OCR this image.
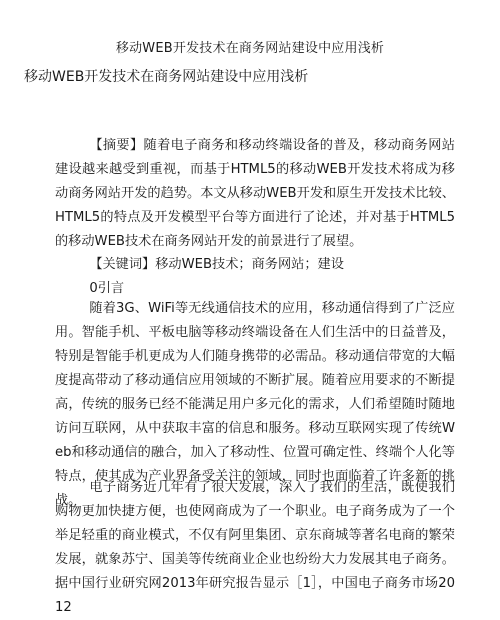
移动WEB开发技术在商务网站建设中应用浅析
移动WEB开发技术在商务网站建设中应用浅析

【摘要】随着电子商务和移动终端设备的普及，移动商务网站建设越来越受到重视，而基于HTML5的移动WEB开发技术将成为移动商务网站开发的趋势。本文从移动WEB开发和原生开发技术比较、HTML5的特点及开发模型平台等方面进行了论述，并对基于HTML5的移动WEB技术在商务网站开发的前景进行了展望。

【关键词】移动WEB技术；商务网站；建设

0引言

随着3G、WiFi等无线通信技术的应用，移动通信得到了广泛应用。智能手机、平板电脑等移动终端设备在人们生活中的日益普及，特别是智能手机更成为人们随身携带的必需品。移动通信带宽的大幅度提高带动了移动通信应用领域的不断扩展。随着应用要求的不断提高，传统的服务已经不能满足用户多元化的需求，人们希望随时随地访问互联网，从中获取丰富的信息和服务。移动互联网实现了传统Web和移动通信的融合，加入了移动性、位置可确定性、终端个人化等特点，使其成为产业界备受关注的领域，同时也面临着了许多新的挑战。

电子商务近几年有了很大发展，深入了我们的生活，既使我们购物更加快捷方便，也使网商成为了一个职业。电子商务成为了一个举足轻重的商业模式，不仅有阿里集团、京东商城等著名电商的繁荣发展，就象苏宁、国美等传统商业企业也纷纷大力发展其电子商务。据中国行业研究网2013年研究报告显示［1］，中国电子商务市场2012
